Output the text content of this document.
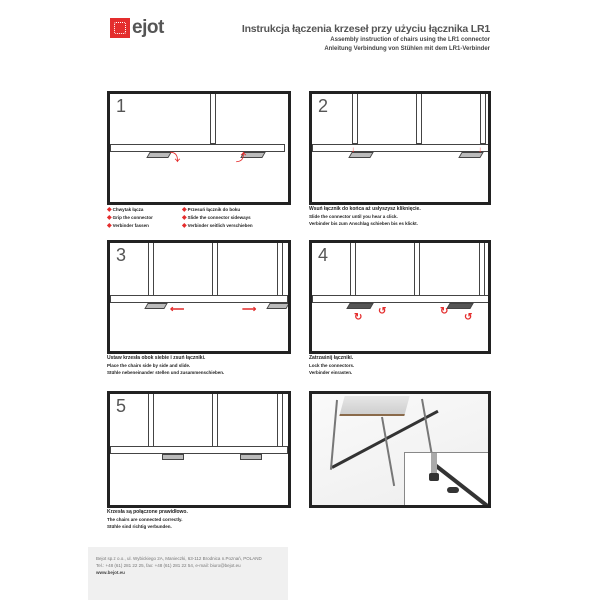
ejot	Instrukcja łączenia krzeseł przy użyciu łącznika LR1
Assembly instruction of chairs using the LR1 connector
Anleitung Verbindung von Stühlen mit dem LR1-Verbinder
1
⤵	⤴
◆Chwytak łącza	◆Przesuń łącznik do boku
◆Grip the connector	◆Slide the connector sideways
◆Verbinder fassen	◆Verbinder seitlich verschieben
2
↓	↓
Wsuń łącznik do końca aż usłyszysz kliknięcie.
Slide the connector until you hear a click.
Verbinder bis zum Anschlag schieben bis es klickt.
3
⟵	⟶
Ustaw krzesła obok siebie i zsuń łączniki.
Place the chairs side by side and slide.
Stühle nebeneinander stellen und zusammenschieben.
4
↻
↺	↻
↺
Zatrzaśnij łączniki.
Lock the connectors.
Verbinder einrasten.
5
Krzesła są połączone prawidłowo.
The chairs are connected correctly.
Stühle sind richtig verbunden.
Bejot sp.z o.o., ul. Wybickiego 2A, Manieczki, 63-112 Brodnica n.Poznań, POLAND
Tel.: +48 (61) 281 22 25, fax: +48 (61) 281 22 54, e-mail: biuro@bejot.eu
www.bejot.eu
